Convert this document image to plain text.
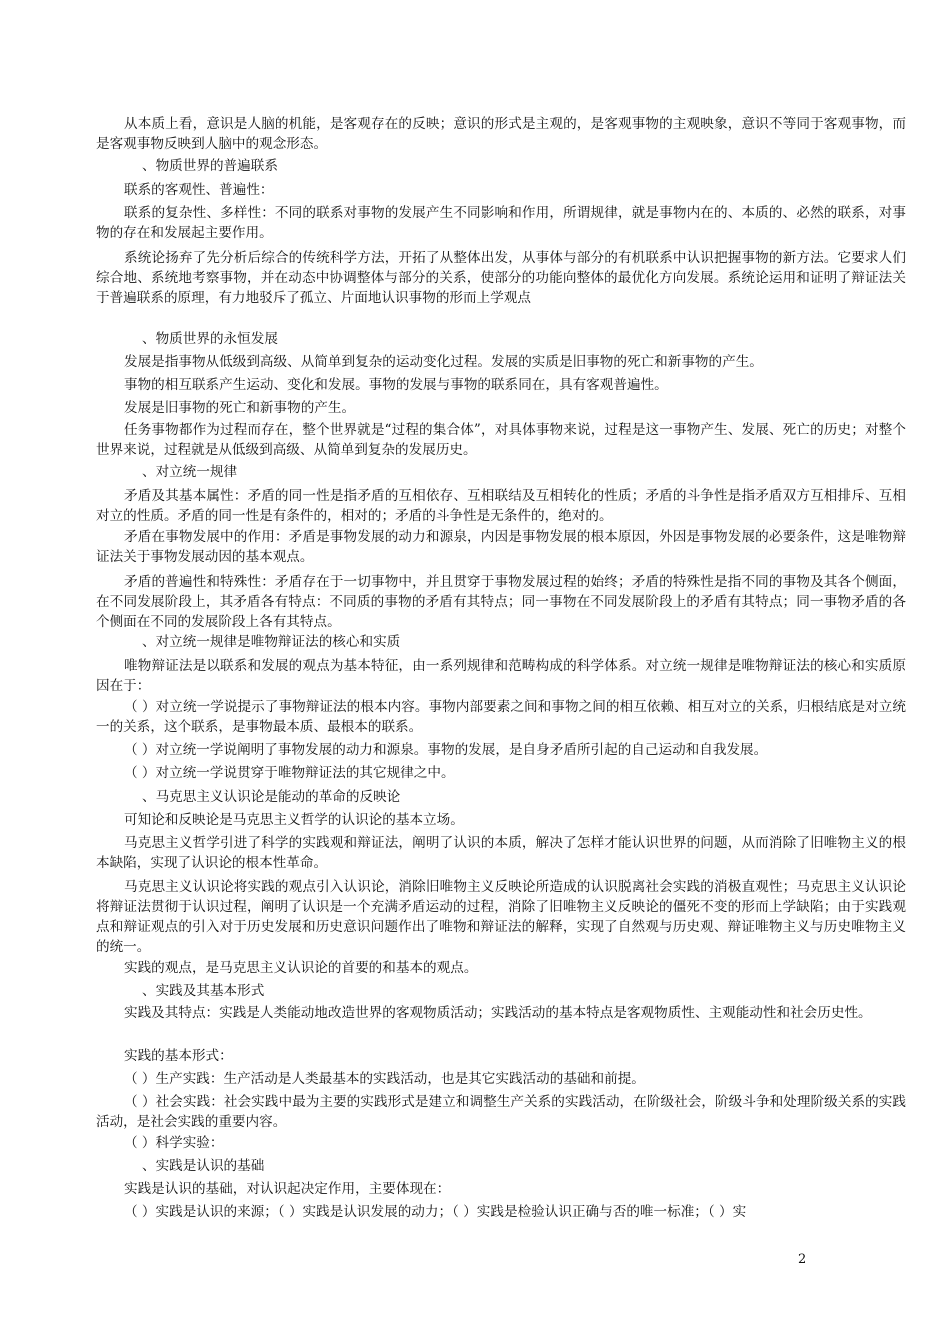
从本质上看，意识是人脑的机能，是客观存在的反映；意识的形式是主观的，是客观事物的主观映象，意识不等同于客观事物，而是客观事物反映到人脑中的观念形态。

、物质世界的普遍联系

联系的客观性、普遍性：

联系的复杂性、多样性：不同的联系对事物的发展产生不同影响和作用，所谓规律，就是事物内在的、本质的、必然的联系，对事物的存在和发展起主要作用。

系统论扬弃了先分析后综合的传统科学方法，开拓了从整体出发，从事体与部分的有机联系中认识把握事物的新方法。它要求人们综合地、系统地考察事物，并在动态中协调整体与部分的关系，使部分的功能向整体的最优化方向发展。系统论运用和证明了辩证法关于普遍联系的原理，有力地驳斥了孤立、片面地认识事物的形而上学观点

、物质世界的永恒发展

发展是指事物从低级到高级、从简单到复杂的运动变化过程。发展的实质是旧事物的死亡和新事物的产生。

事物的相互联系产生运动、变化和发展。事物的发展与事物的联系同在，具有客观普遍性。

发展是旧事物的死亡和新事物的产生。

任务事物都作为过程而存在，整个世界就是“过程的集合体”，对具体事物来说，过程是这一事物产生、发展、死亡的历史；对整个世界来说，过程就是从低级到高级、从简单到复杂的发展历史。

、对立统一规律

矛盾及其基本属性：矛盾的同一性是指矛盾的互相依存、互相联结及互相转化的性质；矛盾的斗争性是指矛盾双方互相排斥、互相对立的性质。矛盾的同一性是有条件的，相对的；矛盾的斗争性是无条件的，绝对的。

矛盾在事物发展中的作用：矛盾是事物发展的动力和源泉，内因是事物发展的根本原因，外因是事物发展的必要条件，这是唯物辩证法关于事物发展动因的基本观点。

矛盾的普遍性和特殊性：矛盾存在于一切事物中，并且贯穿于事物发展过程的始终；矛盾的特殊性是指不同的事物及其各个侧面，在不同发展阶段上，其矛盾各有特点：不同质的事物的矛盾有其特点；同一事物在不同发展阶段上的矛盾有其特点；同一事物矛盾的各个侧面在不同的发展阶段上各有其特点。

、对立统一规律是唯物辩证法的核心和实质

唯物辩证法是以联系和发展的观点为基本特征，由一系列规律和范畴构成的科学体系。对立统一规律是唯物辩证法的核心和实质原因在于：

（ ）对立统一学说提示了事物辩证法的根本内容。事物内部要素之间和事物之间的相互依赖、相互对立的关系，归根结底是对立统一的关系，这个联系，是事物最本质、最根本的联系。

（ ）对立统一学说阐明了事物发展的动力和源泉。事物的发展，是自身矛盾所引起的自己运动和自我发展。

（ ）对立统一学说贯穿于唯物辩证法的其它规律之中。

、马克思主义认识论是能动的革命的反映论

可知论和反映论是马克思主义哲学的认识论的基本立场。

马克思主义哲学引进了科学的实践观和辩证法，阐明了认识的本质，解决了怎样才能认识世界的问题，从而消除了旧唯物主义的根本缺陷，实现了认识论的根本性革命。

马克思主义认识论将实践的观点引入认识论，消除旧唯物主义反映论所造成的认识脱离社会实践的消极直观性；马克思主义认识论将辩证法贯彻于认识过程，阐明了认识是一个充满矛盾运动的过程，消除了旧唯物主义反映论的僵死不变的形而上学缺陷；由于实践观点和辩证观点的引入对于历史发展和历史意识问题作出了唯物和辩证法的解释，实现了自然观与历史观、辩证唯物主义与历史唯物主义的统一。

实践的观点，是马克思主义认识论的首要的和基本的观点。

、实践及其基本形式

实践及其特点：实践是人类能动地改造世界的客观物质活动；实践活动的基本特点是客观物质性、主观能动性和社会历史性。

实践的基本形式：

（ ）生产实践：生产活动是人类最基本的实践活动，也是其它实践活动的基础和前提。

（ ）社会实践：社会实践中最为主要的实践形式是建立和调整生产关系的实践活动，在阶级社会，阶级斗争和处理阶级关系的实践活动，是社会实践的重要内容。

（ ）科学实验：

、实践是认识的基础

实践是认识的基础，对认识起决定作用，主要体现在：

（ ）实践是认识的来源；（ ）实践是认识发展的动力；（ ）实践是检验认识正确与否的唯一标准；（ ）实

2
